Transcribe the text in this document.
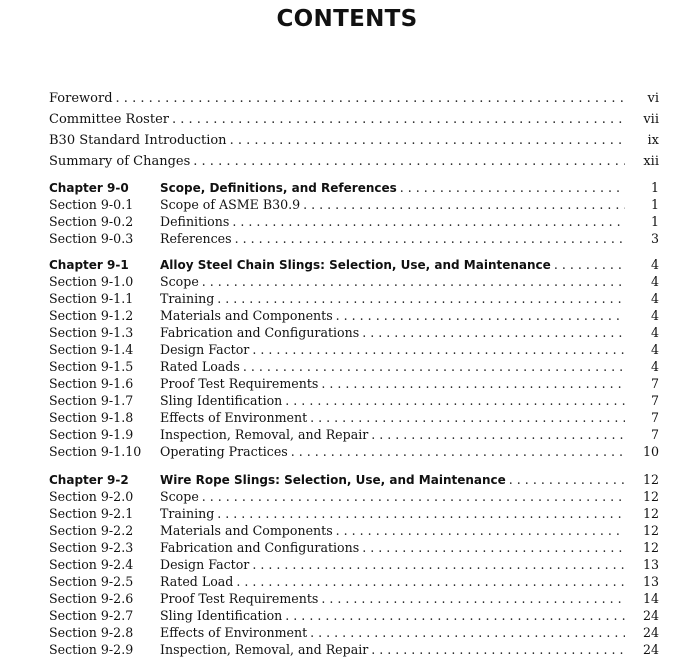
CONTENTS
Foreword . . .	vi
Committee Roster . . .	vii
B30 Standard Introduction . . .	ix
Summary of Changes . . .	xii
Chapter 9-0	Scope, Definitions, and References . . .	1
Section 9-0.1	Scope of ASME B30.9 . . .	1
Section 9-0.2	Definitions . . .	1
Section 9-0.3	References . . .	3
Chapter 9-1	Alloy Steel Chain Slings: Selection, Use, and Maintenance . . .	4
Section 9-1.0	Scope . . .	4
Section 9-1.1	Training . . .	4
Section 9-1.2	Materials and Components . . .	4
Section 9-1.3	Fabrication and Configurations . . .	4
Section 9-1.4	Design Factor . . .	4
Section 9-1.5	Rated Loads . . .	4
Section 9-1.6	Proof Test Requirements . . .	7
Section 9-1.7	Sling Identification . . .	7
Section 9-1.8	Effects of Environment . . .	7
Section 9-1.9	Inspection, Removal, and Repair . . .	7
Section 9-1.10	Operating Practices . . .	10
Chapter 9-2	Wire Rope Slings: Selection, Use, and Maintenance . . .	12
Section 9-2.0	Scope . . .	12
Section 9-2.1	Training . . .	12
Section 9-2.2	Materials and Components . . .	12
Section 9-2.3	Fabrication and Configurations . . .	12
Section 9-2.4	Design Factor . . .	13
Section 9-2.5	Rated Load . . .	13
Section 9-2.6	Proof Test Requirements . . .	14
Section 9-2.7	Sling Identification . . .	24
Section 9-2.8	Effects of Environment . . .	24
Section 9-2.9	Inspection, Removal, and Repair . . .	24
